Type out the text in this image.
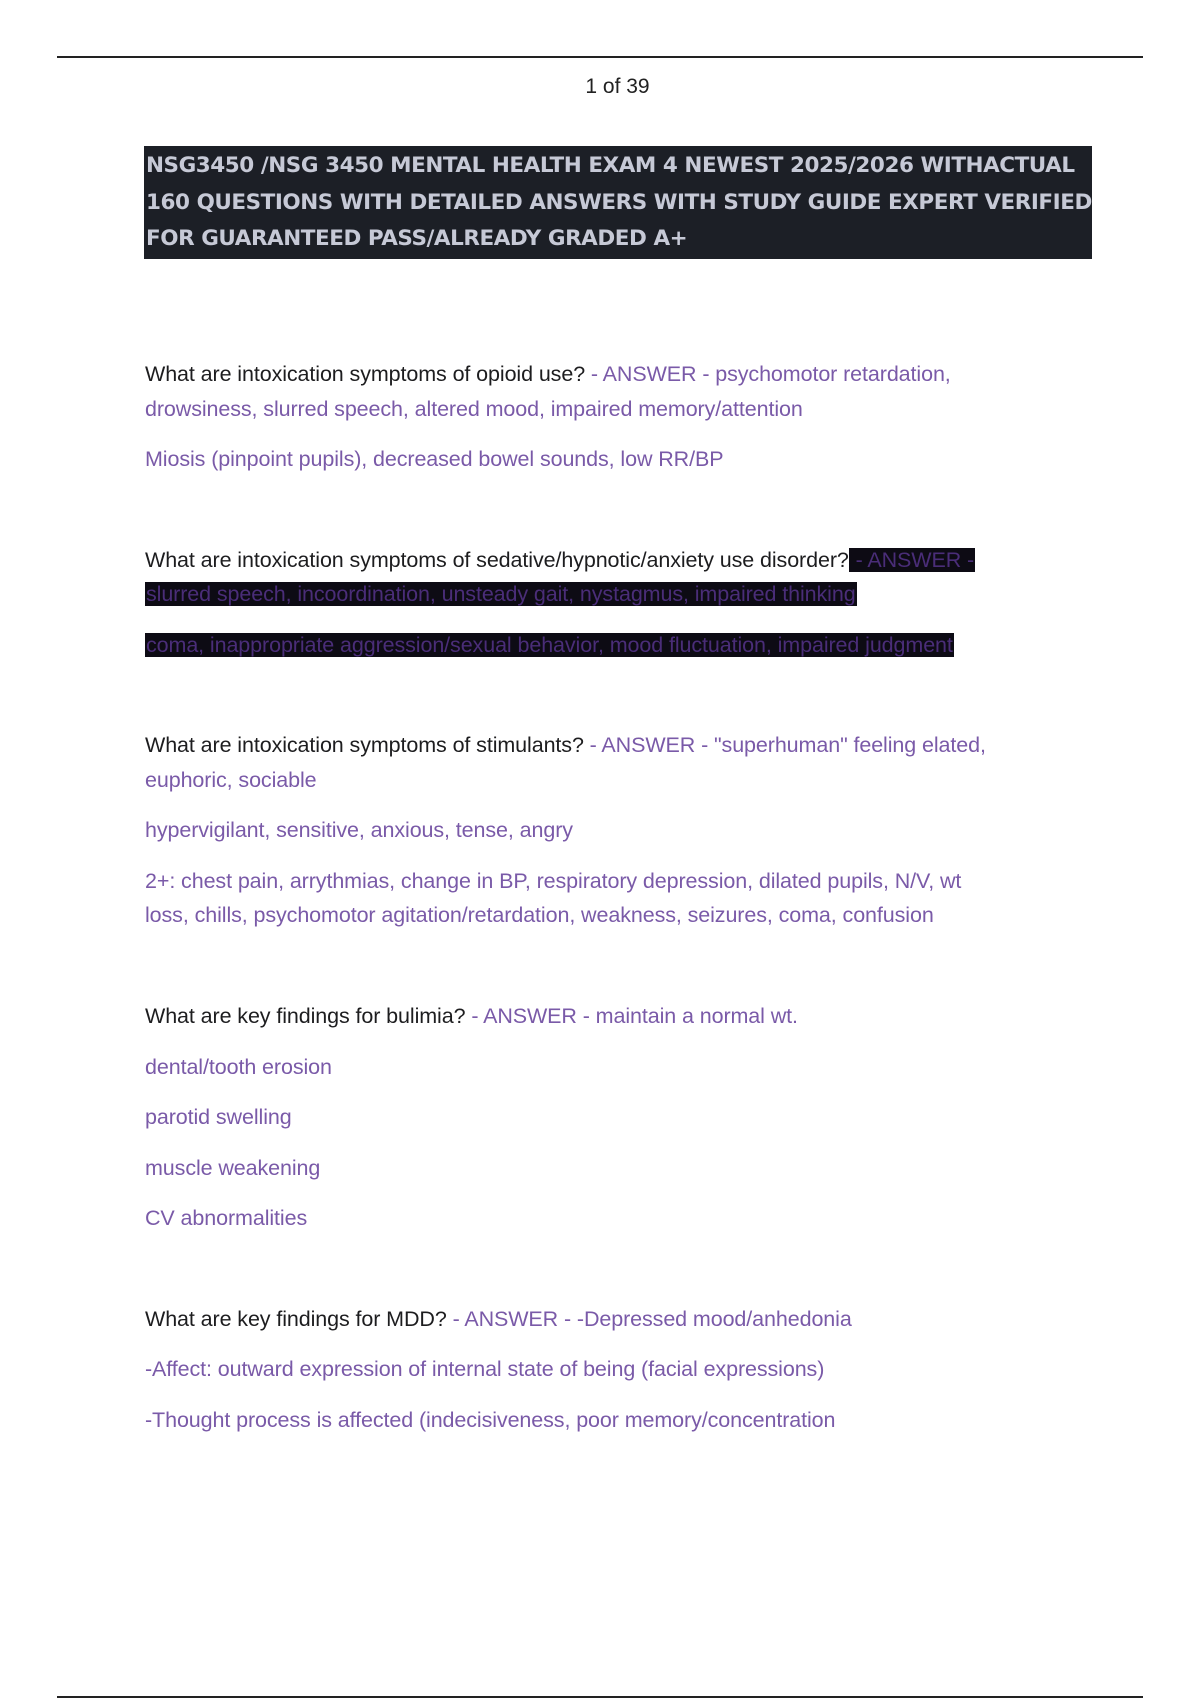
1 of 39

NSG3450 /NSG 3450 MENTAL HEALTH EXAM 4 NEWEST 2025/2026 WITHACTUAL

160 QUESTIONS WITH DETAILED ANSWERS WITH STUDY GUIDE EXPERT VERIFIED

FOR GUARANTEED PASS/ALREADY GRADED A+

What are intoxication symptoms of opioid use? - ANSWER - psychomotor retardation,
drowsiness, slurred speech, altered mood, impaired memory/attention
Miosis (pinpoint pupils), decreased bowel sounds, low RR/BP
What are intoxication symptoms of sedative/hypnotic/anxiety use disorder? - ANSWER -
slurred speech, incoordination, unsteady gait, nystagmus, impaired thinking
coma, inappropriate aggression/sexual behavior, mood fluctuation, impaired judgment
What are intoxication symptoms of stimulants? - ANSWER - "superhuman" feeling elated,
euphoric, sociable
hypervigilant, sensitive, anxious, tense, angry
2+: chest pain, arrythmias, change in BP, respiratory depression, dilated pupils, N/V, wt
loss, chills, psychomotor agitation/retardation, weakness, seizures, coma, confusion
What are key findings for bulimia? - ANSWER - maintain a normal wt.
dental/tooth erosion
parotid swelling
muscle weakening
CV abnormalities
What are key findings for MDD? - ANSWER - -Depressed mood/anhedonia
-Affect: outward expression of internal state of being (facial expressions)
-Thought process is affected (indecisiveness, poor memory/concentration
